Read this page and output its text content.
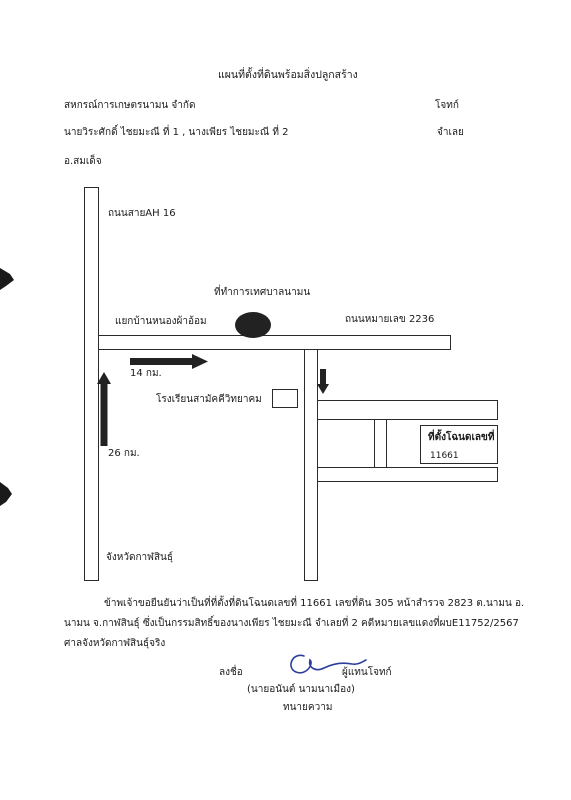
แผนที่ตั้งที่ดินพร้อมสิ่งปลูกสร้าง
สหกรณ์การเกษตรนามน จำกัด	โจทก์
นายวิระศักดิ์ ไชยมะณี ที่ 1 , นางเพียร ไชยมะณี ที่ 2	จำเลย
อ.สมเด็จ
ที่ตั้งโฉนดเลขที่
11661
ถนนสายAH 16
ที่ทำการเทศบาลนามน
แยกบ้านหนองผ้าอ้อม	ถนนหมายเลข 2236
14 กม.
โรงเรียนสามัคคีวิทยาคม
26 กม.
จังหวัดกาฬสินธุ์
ข้าพเจ้าขอยืนยันว่าเป็นที่ที่ตั้งที่ดินโฉนดเลขที่ 11661 เลขที่ดิน 305 หน้าสำรวจ 2823 ต.นามน อ.
นามน จ.กาฬสินธุ์ ซึ่งเป็นกรรมสิทธิ์ของนางเพียร ไชยมะณี จำเลยที่ 2 คดีหมายเลขแดงที่ผบE11752/2567
ศาลจังหวัดกาฬสินธุ์จริง
ลงชื่อ	ผู้แทนโจทก์
(นายอนันต์ นามนาเมือง)
ทนายความ
